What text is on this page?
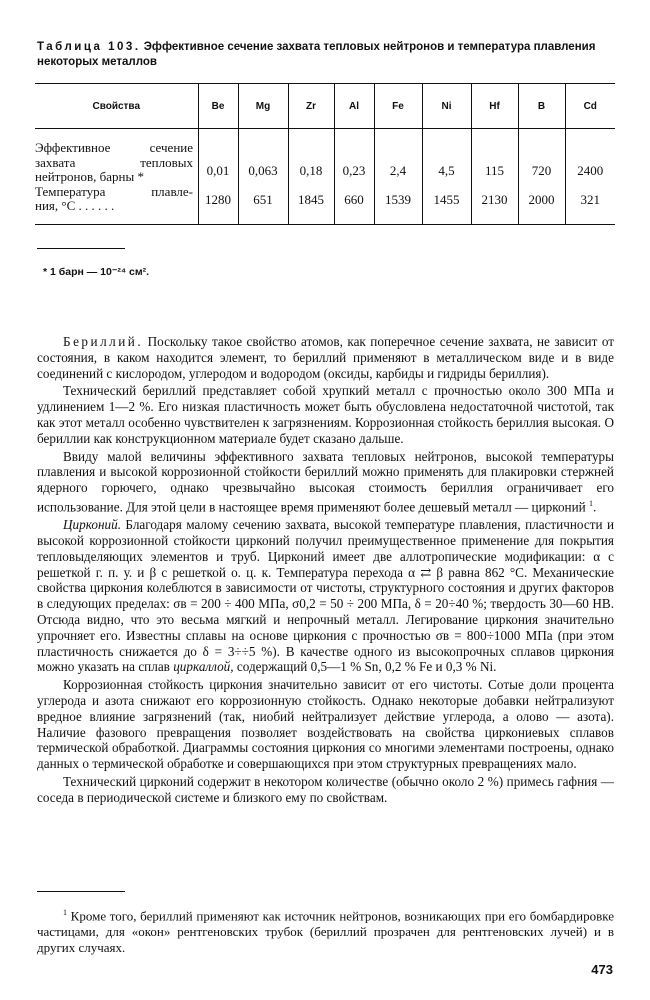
Таблица 103. Эффективное сечение захвата тепловых нейтронов и температура плавления некоторых металлов
Свойства	Be	Mg	Zr	Al	Fe	Ni	Hf	B	Cd

Эффективное сечение
захвата тепловых
нейтронов, барны *	0,01	0,063	0,18	0,23	2,4	4,5	115	720	2400

Температура плавле-
ния, °C . . . . . .	1280	651	1845	660	1539	1455	2130	2000	321
* 1 барн — 10⁻²⁴ см².

Бериллий. Поскольку такое свойство атомов, как поперечное сечение захвата, не зависит от состояния, в каком находится элемент, то бериллий применяют в металлическом виде и в виде соединений с кислородом, углеродом и водородом (оксиды, карбиды и гидриды бериллия).

Технический бериллий представляет собой хрупкий металл с прочностью около 300 МПа и удлинением 1—2 %. Его низкая пластичность может быть обусловлена недостаточной чистотой, так как этот металл особенно чувствителен к загрязнениям. Коррозионная стойкость бериллия высокая. О бериллии как конструкционном материале будет сказано дальше.

Ввиду малой величины эффективного захвата тепловых нейтронов, высокой температуры плавления и высокой коррозионной стойкости бериллий можно применять для плакировки стержней ядерного горючего, однако чрезвычайно высокая стоимость бериллия ограничивает его использование. Для этой цели в настоящее время применяют более дешевый металл — цирконий $^1$.

Цирконий. Благодаря малому сечению захвата, высокой температуре плавления, пластичности и высокой коррозионной стойкости цирконий получил преимущественное применение для покрытия тепловыделяющих элементов и труб. Цирконий имеет две аллотропические модификации: α с решеткой г. п. у. и β с решеткой о. ц. к. Температура перехода α ⇄ β равна 862 °C. Механические свойства циркония колеблются в зависимости от чистоты, структурного состояния и других факторов в следующих пределах: σв = 200 ÷ 400 МПа, σ0,2 = 50 ÷ 200 МПа, δ = 20÷40 %; твердость 30—60 HB. Отсюда видно, что это весьма мягкий и непрочный металл. Легирование циркония значительно упрочняет его. Известны сплавы на основе циркония с прочностью σв = 800÷1000 МПа (при этом пластичность снижается до δ = 3÷÷5 %). В качестве одного из высокопрочных сплавов циркония можно указать на сплав циркаллой, содержащий 0,5—1 % Sn, 0,2 % Fe и 0,3 % Ni.

Коррозионная стойкость циркония значительно зависит от его чистоты. Сотые доли процента углерода и азота снижают его коррозионную стойкость. Однако некоторые добавки нейтрализуют вредное влияние загрязнений (так, ниобий нейтрализует действие углерода, а олово — азота). Наличие фазового превращения позволяет воздействовать на свойства циркониевых сплавов термической обработкой. Диаграммы состояния циркония со многими элементами построены, однако данных о термической обработке и совершающихся при этом структурных превращениях мало.

Технический цирконий содержит в некотором количестве (обычно около 2 %) примесь гафния — соседа в периодической системе и близкого ему по свойствам.

$^1$ Кроме того, бериллий применяют как источник нейтронов, возникающих при его бомбардировке частицами, для «окон» рентгеновских трубок (бериллий прозрачен для рентгеновских лучей) и в других случаях.

473
